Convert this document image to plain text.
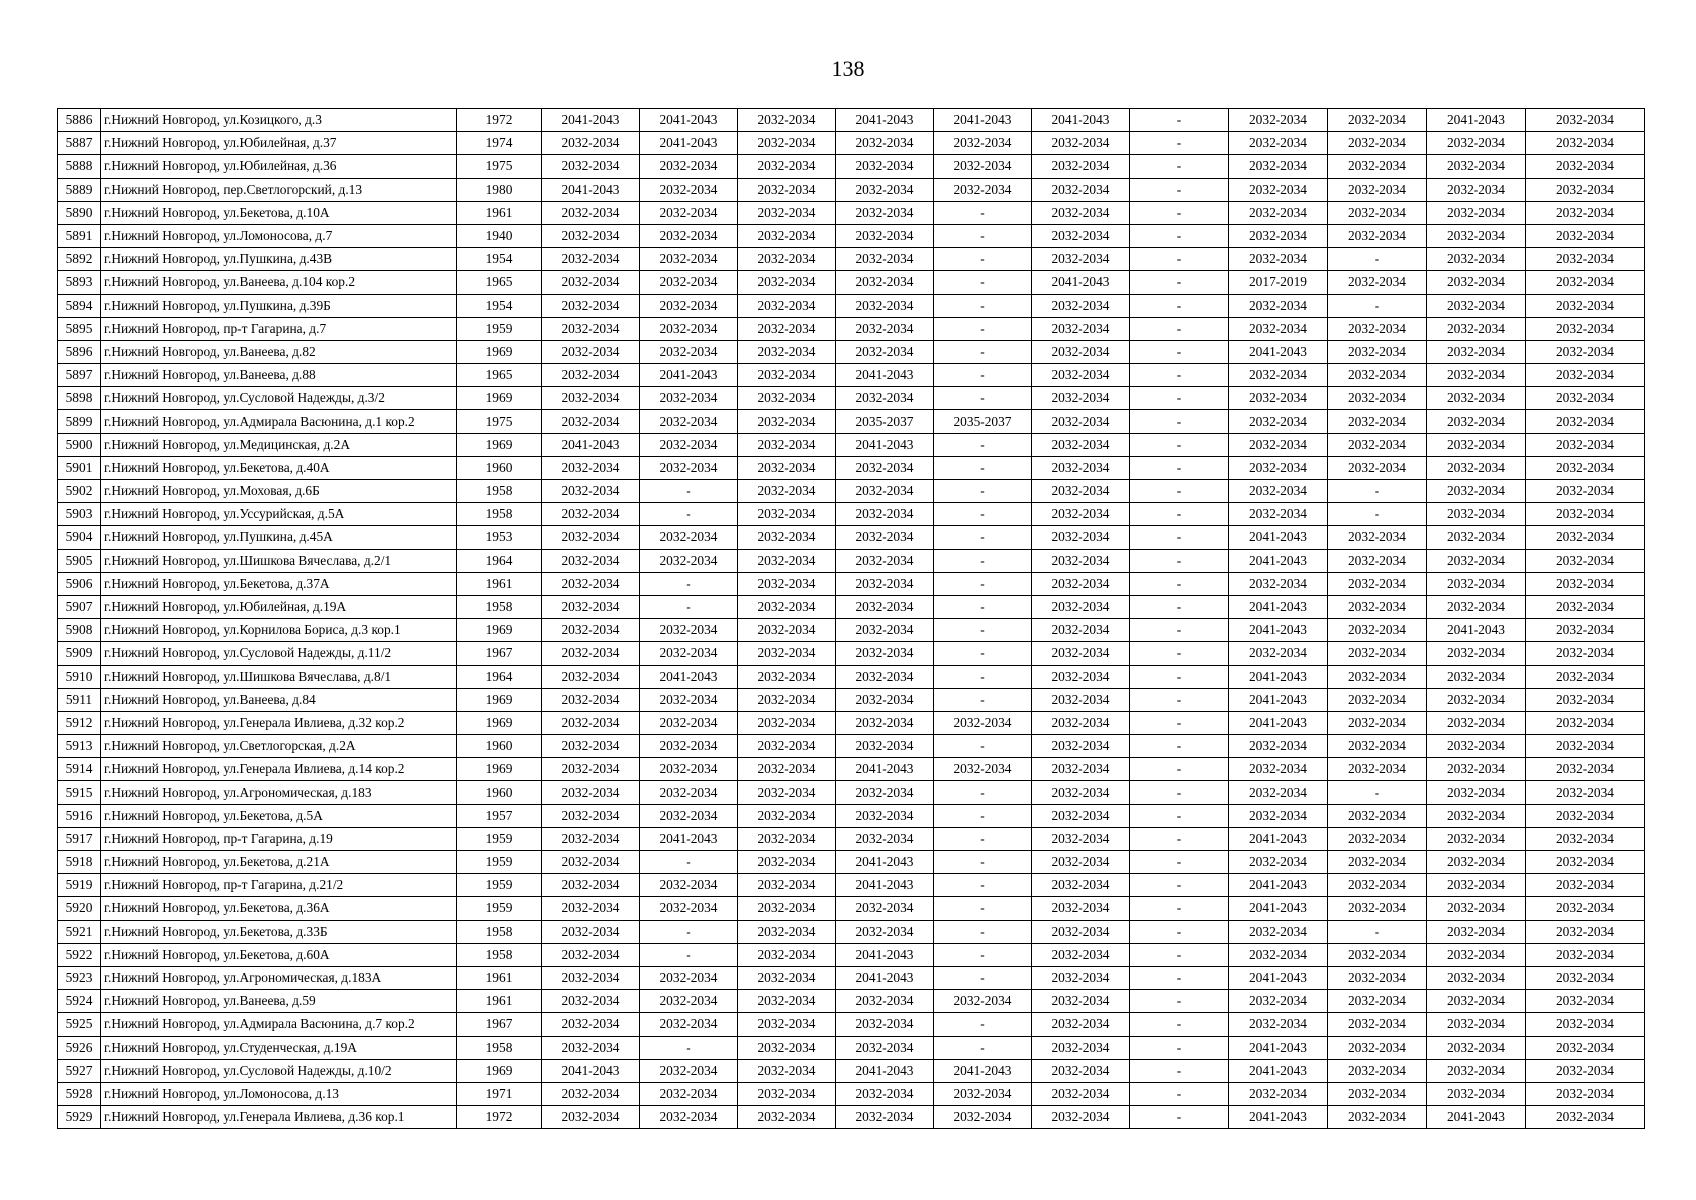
138
5886	г.Нижний Новгород, ул.Козицкого, д.3	1972	2041-2043	2041-2043	2032-2034	2041-2043	2041-2043	2041-2043	-	2032-2034	2032-2034	2041-2043	2032-2034
5887	г.Нижний Новгород, ул.Юбилейная, д.37	1974	2032-2034	2041-2043	2032-2034	2032-2034	2032-2034	2032-2034	-	2032-2034	2032-2034	2032-2034	2032-2034
5888	г.Нижний Новгород, ул.Юбилейная, д.36	1975	2032-2034	2032-2034	2032-2034	2032-2034	2032-2034	2032-2034	-	2032-2034	2032-2034	2032-2034	2032-2034
5889	г.Нижний Новгород, пер.Светлогорский, д.13	1980	2041-2043	2032-2034	2032-2034	2032-2034	2032-2034	2032-2034	-	2032-2034	2032-2034	2032-2034	2032-2034
5890	г.Нижний Новгород, ул.Бекетова, д.10А	1961	2032-2034	2032-2034	2032-2034	2032-2034	-	2032-2034	-	2032-2034	2032-2034	2032-2034	2032-2034
5891	г.Нижний Новгород, ул.Ломоносова, д.7	1940	2032-2034	2032-2034	2032-2034	2032-2034	-	2032-2034	-	2032-2034	2032-2034	2032-2034	2032-2034
5892	г.Нижний Новгород, ул.Пушкина, д.43В	1954	2032-2034	2032-2034	2032-2034	2032-2034	-	2032-2034	-	2032-2034	-	2032-2034	2032-2034
5893	г.Нижний Новгород, ул.Ванеева, д.104 кор.2	1965	2032-2034	2032-2034	2032-2034	2032-2034	-	2041-2043	-	2017-2019	2032-2034	2032-2034	2032-2034
5894	г.Нижний Новгород, ул.Пушкина, д.39Б	1954	2032-2034	2032-2034	2032-2034	2032-2034	-	2032-2034	-	2032-2034	-	2032-2034	2032-2034
5895	г.Нижний Новгород, пр-т Гагарина, д.7	1959	2032-2034	2032-2034	2032-2034	2032-2034	-	2032-2034	-	2032-2034	2032-2034	2032-2034	2032-2034
5896	г.Нижний Новгород, ул.Ванеева, д.82	1969	2032-2034	2032-2034	2032-2034	2032-2034	-	2032-2034	-	2041-2043	2032-2034	2032-2034	2032-2034
5897	г.Нижний Новгород, ул.Ванеева, д.88	1965	2032-2034	2041-2043	2032-2034	2041-2043	-	2032-2034	-	2032-2034	2032-2034	2032-2034	2032-2034
5898	г.Нижний Новгород, ул.Сусловой Надежды, д.3/2	1969	2032-2034	2032-2034	2032-2034	2032-2034	-	2032-2034	-	2032-2034	2032-2034	2032-2034	2032-2034
5899	г.Нижний Новгород, ул.Адмирала Васюнина, д.1 кор.2	1975	2032-2034	2032-2034	2032-2034	2035-2037	2035-2037	2032-2034	-	2032-2034	2032-2034	2032-2034	2032-2034
5900	г.Нижний Новгород, ул.Медицинская, д.2А	1969	2041-2043	2032-2034	2032-2034	2041-2043	-	2032-2034	-	2032-2034	2032-2034	2032-2034	2032-2034
5901	г.Нижний Новгород, ул.Бекетова, д.40А	1960	2032-2034	2032-2034	2032-2034	2032-2034	-	2032-2034	-	2032-2034	2032-2034	2032-2034	2032-2034
5902	г.Нижний Новгород, ул.Моховая, д.6Б	1958	2032-2034	-	2032-2034	2032-2034	-	2032-2034	-	2032-2034	-	2032-2034	2032-2034
5903	г.Нижний Новгород, ул.Уссурийская, д.5А	1958	2032-2034	-	2032-2034	2032-2034	-	2032-2034	-	2032-2034	-	2032-2034	2032-2034
5904	г.Нижний Новгород, ул.Пушкина, д.45А	1953	2032-2034	2032-2034	2032-2034	2032-2034	-	2032-2034	-	2041-2043	2032-2034	2032-2034	2032-2034
5905	г.Нижний Новгород, ул.Шишкова Вячеслава, д.2/1	1964	2032-2034	2032-2034	2032-2034	2032-2034	-	2032-2034	-	2041-2043	2032-2034	2032-2034	2032-2034
5906	г.Нижний Новгород, ул.Бекетова, д.37А	1961	2032-2034	-	2032-2034	2032-2034	-	2032-2034	-	2032-2034	2032-2034	2032-2034	2032-2034
5907	г.Нижний Новгород, ул.Юбилейная, д.19А	1958	2032-2034	-	2032-2034	2032-2034	-	2032-2034	-	2041-2043	2032-2034	2032-2034	2032-2034
5908	г.Нижний Новгород, ул.Корнилова Бориса, д.3 кор.1	1969	2032-2034	2032-2034	2032-2034	2032-2034	-	2032-2034	-	2041-2043	2032-2034	2041-2043	2032-2034
5909	г.Нижний Новгород, ул.Сусловой Надежды, д.11/2	1967	2032-2034	2032-2034	2032-2034	2032-2034	-	2032-2034	-	2032-2034	2032-2034	2032-2034	2032-2034
5910	г.Нижний Новгород, ул.Шишкова Вячеслава, д.8/1	1964	2032-2034	2041-2043	2032-2034	2032-2034	-	2032-2034	-	2041-2043	2032-2034	2032-2034	2032-2034
5911	г.Нижний Новгород, ул.Ванеева, д.84	1969	2032-2034	2032-2034	2032-2034	2032-2034	-	2032-2034	-	2041-2043	2032-2034	2032-2034	2032-2034
5912	г.Нижний Новгород, ул.Генерала Ивлиева, д.32 кор.2	1969	2032-2034	2032-2034	2032-2034	2032-2034	2032-2034	2032-2034	-	2041-2043	2032-2034	2032-2034	2032-2034
5913	г.Нижний Новгород, ул.Светлогорская, д.2А	1960	2032-2034	2032-2034	2032-2034	2032-2034	-	2032-2034	-	2032-2034	2032-2034	2032-2034	2032-2034
5914	г.Нижний Новгород, ул.Генерала Ивлиева, д.14 кор.2	1969	2032-2034	2032-2034	2032-2034	2041-2043	2032-2034	2032-2034	-	2032-2034	2032-2034	2032-2034	2032-2034
5915	г.Нижний Новгород, ул.Агрономическая, д.183	1960	2032-2034	2032-2034	2032-2034	2032-2034	-	2032-2034	-	2032-2034	-	2032-2034	2032-2034
5916	г.Нижний Новгород, ул.Бекетова, д.5А	1957	2032-2034	2032-2034	2032-2034	2032-2034	-	2032-2034	-	2032-2034	2032-2034	2032-2034	2032-2034
5917	г.Нижний Новгород, пр-т Гагарина, д.19	1959	2032-2034	2041-2043	2032-2034	2032-2034	-	2032-2034	-	2041-2043	2032-2034	2032-2034	2032-2034
5918	г.Нижний Новгород, ул.Бекетова, д.21А	1959	2032-2034	-	2032-2034	2041-2043	-	2032-2034	-	2032-2034	2032-2034	2032-2034	2032-2034
5919	г.Нижний Новгород, пр-т Гагарина, д.21/2	1959	2032-2034	2032-2034	2032-2034	2041-2043	-	2032-2034	-	2041-2043	2032-2034	2032-2034	2032-2034
5920	г.Нижний Новгород, ул.Бекетова, д.36А	1959	2032-2034	2032-2034	2032-2034	2032-2034	-	2032-2034	-	2041-2043	2032-2034	2032-2034	2032-2034
5921	г.Нижний Новгород, ул.Бекетова, д.33Б	1958	2032-2034	-	2032-2034	2032-2034	-	2032-2034	-	2032-2034	-	2032-2034	2032-2034
5922	г.Нижний Новгород, ул.Бекетова, д.60А	1958	2032-2034	-	2032-2034	2041-2043	-	2032-2034	-	2032-2034	2032-2034	2032-2034	2032-2034
5923	г.Нижний Новгород, ул.Агрономическая, д.183А	1961	2032-2034	2032-2034	2032-2034	2041-2043	-	2032-2034	-	2041-2043	2032-2034	2032-2034	2032-2034
5924	г.Нижний Новгород, ул.Ванеева, д.59	1961	2032-2034	2032-2034	2032-2034	2032-2034	2032-2034	2032-2034	-	2032-2034	2032-2034	2032-2034	2032-2034
5925	г.Нижний Новгород, ул.Адмирала Васюнина, д.7 кор.2	1967	2032-2034	2032-2034	2032-2034	2032-2034	-	2032-2034	-	2032-2034	2032-2034	2032-2034	2032-2034
5926	г.Нижний Новгород, ул.Студенческая, д.19А	1958	2032-2034	-	2032-2034	2032-2034	-	2032-2034	-	2041-2043	2032-2034	2032-2034	2032-2034
5927	г.Нижний Новгород, ул.Сусловой Надежды, д.10/2	1969	2041-2043	2032-2034	2032-2034	2041-2043	2041-2043	2032-2034	-	2041-2043	2032-2034	2032-2034	2032-2034
5928	г.Нижний Новгород, ул.Ломоносова, д.13	1971	2032-2034	2032-2034	2032-2034	2032-2034	2032-2034	2032-2034	-	2032-2034	2032-2034	2032-2034	2032-2034
5929	г.Нижний Новгород, ул.Генерала Ивлиева, д.36 кор.1	1972	2032-2034	2032-2034	2032-2034	2032-2034	2032-2034	2032-2034	-	2041-2043	2032-2034	2041-2043	2032-2034
